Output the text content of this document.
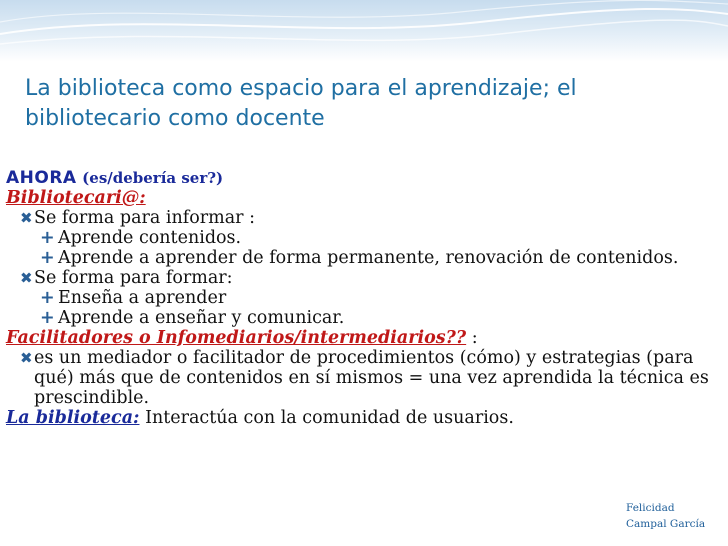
La biblioteca como espacio para el aprendizaje; el bibliotecario como docente
AHORA (es/debería ser?)
Bibliotecari@:
✖Se forma para informar :
+ Aprende contenidos.
+ Aprende a aprender de forma permanente, renovación de contenidos.
✖Se forma para formar:
+ Enseña a aprender
+ Aprende a enseñar y comunicar.
Facilitadores o Infomediarios/intermediarios?? :
✖es un mediador o facilitador de procedimientos (cómo) y estrategias (para qué) más que de contenidos en sí mismos = una vez aprendida la técnica es prescindible.
La biblioteca: Interactúa con la comunidad de usuarios.
Felicidad
Campal García
